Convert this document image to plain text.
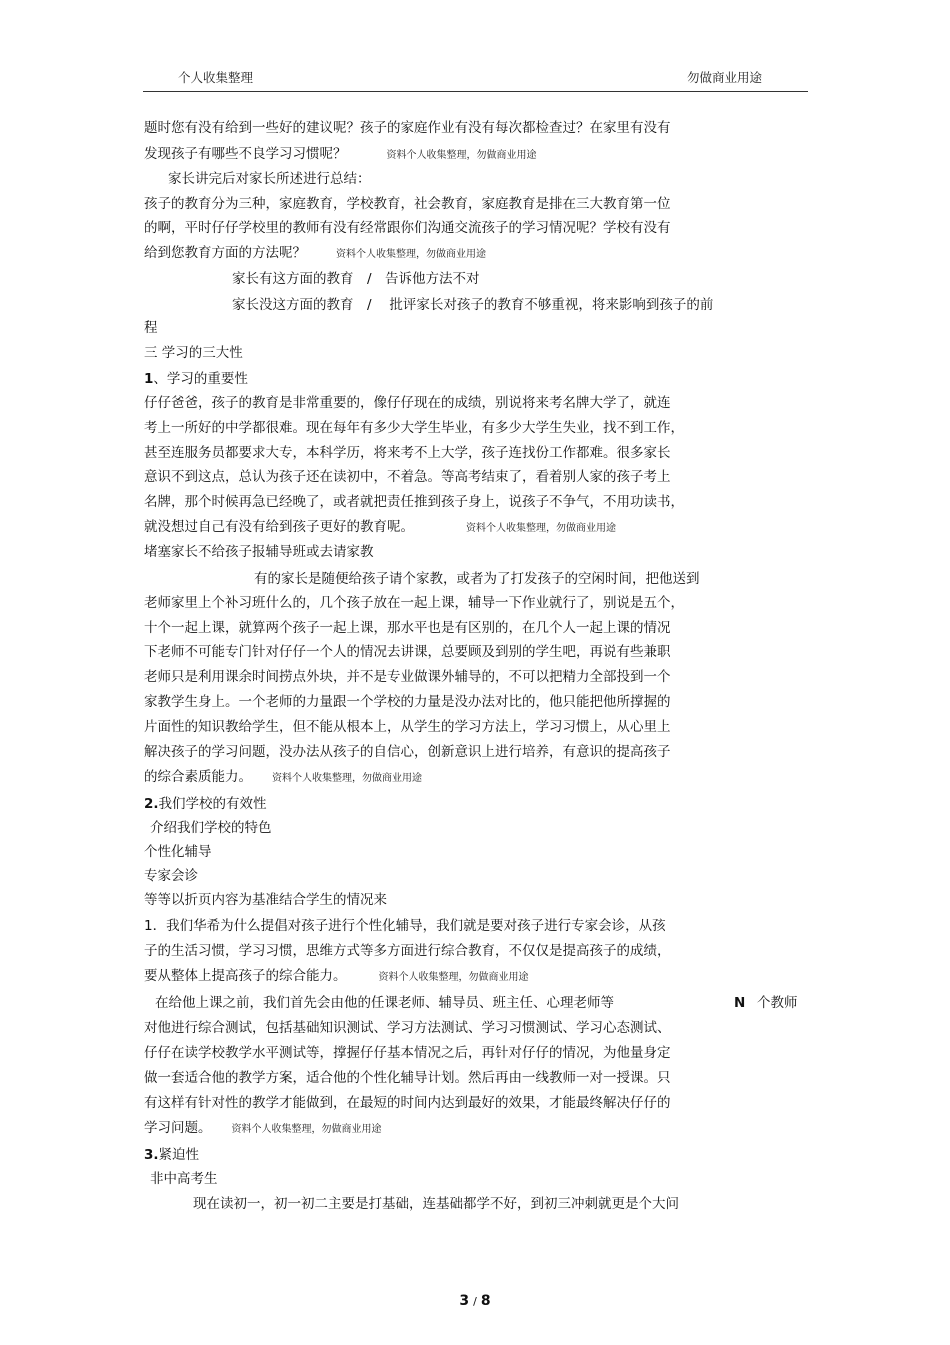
个人收集整理	勿做商业用途
题时您有没有给到一些好的建议呢？孩子的家庭作业有没有每次都检查过？在家里有没有
发现孩子有哪些不良学习习惯呢？	资料个人收集整理，勿做商业用途
家长讲完后对家长所述进行总结：
孩子的教育分为三种，家庭教育，学校教育，社会教育，家庭教育是排在三大教育第一位
的啊，平时仔仔学校里的教师有没有经常跟你们沟通交流孩子的学习情况呢？学校有没有
给到您教育方面的方法呢？	资料个人收集整理，勿做商业用途
家长有这方面的教育　/　告诉他方法不对
家长没这方面的教育　/　 批评家长对孩子的教育不够重视，将来影响到孩子的前
程
三 学习的三大性
1、学习的重要性
仔仔爸爸，孩子的教育是非常重要的，像仔仔现在的成绩，别说将来考名牌大学了，就连
考上一所好的中学都很难。现在每年有多少大学生毕业，有多少大学生失业，找不到工作，
甚至连服务员都要求大专，本科学历，将来考不上大学，孩子连找份工作都难。很多家长
意识不到这点，总认为孩子还在读初中，不着急。等高考结束了，看着别人家的孩子考上
名牌，那个时候再急已经晚了，或者就把责任推到孩子身上，说孩子不争气，不用功读书，
就没想过自己有没有给到孩子更好的教育呢。	资料个人收集整理，勿做商业用途
堵塞家长不给孩子报辅导班或去请家教
有的家长是随便给孩子请个家教，或者为了打发孩子的空闲时间，把他送到
老师家里上个补习班什么的，几个孩子放在一起上课，辅导一下作业就行了，别说是五个，
十个一起上课，就算两个孩子一起上课，那水平也是有区别的，在几个人一起上课的情况
下老师不可能专门针对仔仔一个人的情况去讲课，总要顾及到别的学生吧，再说有些兼职
老师只是利用课余时间捞点外块，并不是专业做课外辅导的，不可以把精力全部投到一个
家教学生身上。一个老师的力量跟一个学校的力量是没办法对比的，他只能把他所撑握的
片面性的知识教给学生，但不能从根本上，从学生的学习方法上，学习习惯上，从心里上
解决孩子的学习问题，没办法从孩子的自信心，创新意识上进行培养，有意识的提高孩子
的综合素质能力。 资料个人收集整理，勿做商业用途
2.我们学校的有效性
介绍我们学校的特色
个性化辅导
专家会诊
等等以折页内容为基准结合学生的情况来
1．我们华希为什么提倡对孩子进行个性化辅导，我们就是要对孩子进行专家会诊，从孩
子的生活习惯，学习习惯，思维方式等多方面进行综合教育，不仅仅是提高孩子的成绩，
要从整体上提高孩子的综合能力。	资料个人收集整理，勿做商业用途
在给他上课之前，我们首先会由他的任课老师、辅导员、班主任、心理老师等	N 个教师
对他进行综合测试，包括基础知识测试、学习方法测试、学习习惯测试、学习心态测试、
仔仔在读学校教学水平测试等，撑握仔仔基本情况之后，再针对仔仔的情况，为他量身定
做一套适合他的教学方案，适合他的个性化辅导计划。然后再由一线教师一对一授课。只
有这样有针对性的教学才能做到，在最短的时间内达到最好的效果，才能最终解决仔仔的
学习问题。 资料个人收集整理，勿做商业用途
3.紧迫性
非中高考生
现在读初一，初一初二主要是打基础，连基础都学不好，到初三冲刺就更是个大问
3 / 8
